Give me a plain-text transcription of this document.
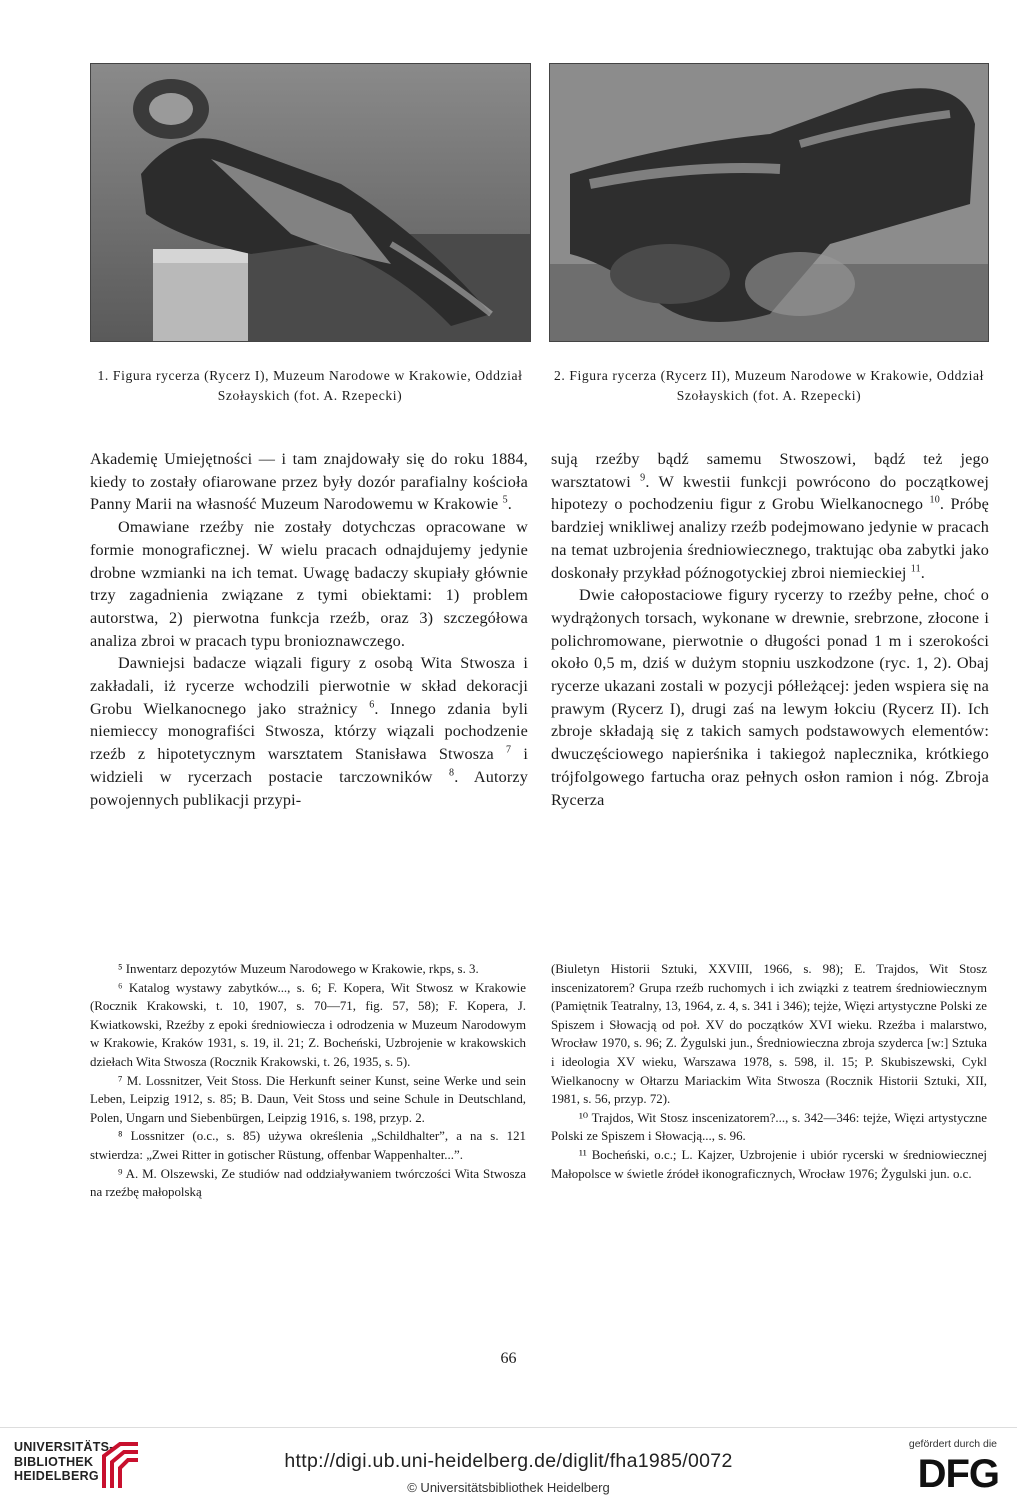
1. Figura rycerza (Rycerz I), Muzeum Narodowe w Krakowie, Oddział Szołayskich (fot. A. Rzepecki)
2. Figura rycerza (Rycerz II), Muzeum Narodowe w Krakowie, Oddział Szołayskich (fot. A. Rzepecki)

Akademię Umiejętności — i tam znajdowały się do roku 1884, kiedy to zostały ofiarowane przez były dozór parafialny kościoła Panny Marii na własność Muzeum Narodowemu w Krakowie $^5$.

Omawiane rzeźby nie zostały dotychczas opracowane w formie monograficznej. W wielu pracach odnajdujemy jedynie drobne wzmianki na ich temat. Uwagę badaczy skupiały głównie trzy zagadnienia związane z tymi obiektami: 1) problem autorstwa, 2) pierwotna funkcja rzeźb, oraz 3) szczegółowa analiza zbroi w pracach typu bronioznawczego.

Dawniejsi badacze wiązali figury z osobą Wita Stwosza i zakładali, iż rycerze wchodzili pierwotnie w skład dekoracji Grobu Wielkanocnego jako strażnicy $^6$. Innego zdania byli niemieccy monografiści Stwosza, którzy wiązali pochodzenie rzeźb z hipotetycznym warsztatem Stanisława Stwosza $^7$ i widzieli w rycerzach postacie tarczowników $^8$. Autorzy powojennych publikacji przypi-

sują rzeźby bądź samemu Stwoszowi, bądź też jego warsztatowi $^9$. W kwestii funkcji powrócono do początkowej hipotezy o pochodzeniu figur z Grobu Wielkanocnego $^{10}$. Próbę bardziej wnikliwej analizy rzeźb podejmowano jedynie w pracach na temat uzbrojenia średniowiecznego, traktując oba zabytki jako doskonały przykład późnogotyckiej zbroi niemieckiej $^{11}$.

Dwie całopostaciowe figury rycerzy to rzeźby pełne, choć o wydrążonych torsach, wykonane w drewnie, srebrzone, złocone i polichromowane, pierwotnie o długości ponad 1 m i szerokości około 0,5 m, dziś w dużym stopniu uszkodzone (ryc. 1, 2). Obaj rycerze ukazani zostali w pozycji półleżącej: jeden wspiera się na prawym (Rycerz I), drugi zaś na lewym łokciu (Rycerz II). Ich zbroje składają się z takich samych podstawowych elementów: dwuczęściowego napierśnika i takiegoż naplecznika, krótkiego trójfolgowego fartucha oraz pełnych osłon ramion i nóg. Zbroja Rycerza

⁵ Inwentarz depozytów Muzeum Narodowego w Krakowie, rkps, s. 3.

⁶ Katalog wystawy zabytków..., s. 6; F. Kopera, Wit Stwosz w Krakowie (Rocznik Krakowski, t. 10, 1907, s. 70—71, fig. 57, 58); F. Kopera, J. Kwiatkowski, Rzeźby z epoki średniowiecza i odrodzenia w Muzeum Narodowym w Krakowie, Kraków 1931, s. 19, il. 21; Z. Bocheński, Uzbrojenie w krakowskich dziełach Wita Stwosza (Rocznik Krakowski, t. 26, 1935, s. 5).

⁷ M. Lossnitzer, Veit Stoss. Die Herkunft seiner Kunst, seine Werke und sein Leben, Leipzig 1912, s. 85; B. Daun, Veit Stoss und seine Schule in Deutschland, Polen, Ungarn und Siebenbürgen, Leipzig 1916, s. 198, przyp. 2.

⁸ Lossnitzer (o.c., s. 85) używa określenia „Schildhalter”, a na s. 121 stwierdza: „Zwei Ritter in gotischer Rüstung, offenbar Wappenhalter...”.

⁹ A. M. Olszewski, Ze studiów nad oddziaływaniem twórczości Wita Stwosza na rzeźbę małopolską

(Biuletyn Historii Sztuki, XXVIII, 1966, s. 98); E. Trajdos, Wit Stosz inscenizatorem? Grupa rzeźb ruchomych i ich związki z teatrem średniowiecznym (Pamiętnik Teatralny, 13, 1964, z. 4, s. 341 i 346); tejże, Więzi artystyczne Polski ze Spiszem i Słowacją od poł. XV do początków XVI wieku. Rzeźba i malarstwo, Wrocław 1970, s. 96; Z. Żygulski jun., Średniowieczna zbroja szyderca [w:] Sztuka i ideologia XV wieku, Warszawa 1978, s. 598, il. 15; P. Skubiszewski, Cykl Wielkanocny w Ołtarzu Mariackim Wita Stwosza (Rocznik Historii Sztuki, XII, 1981, s. 56, przyp. 72).

¹⁰ Trajdos, Wit Stosz inscenizatorem?..., s. 342—346: tejże, Więzi artystyczne Polski ze Spiszem i Słowacją..., s. 96.

¹¹ Bocheński, o.c.; L. Kajzer, Uzbrojenie i ubiór rycerski w średniowiecznej Małopolsce w świetle źródeł ikonograficznych, Wrocław 1976; Żygulski jun. o.c.

66
UNIVERSITÄTS-
BIBLIOTHEK
HEIDELBERG
http://digi.ub.uni-heidelberg.de/diglit/fha1985/0072
© Universitätsbibliothek Heidelberg
gefördert durch die
DFG
